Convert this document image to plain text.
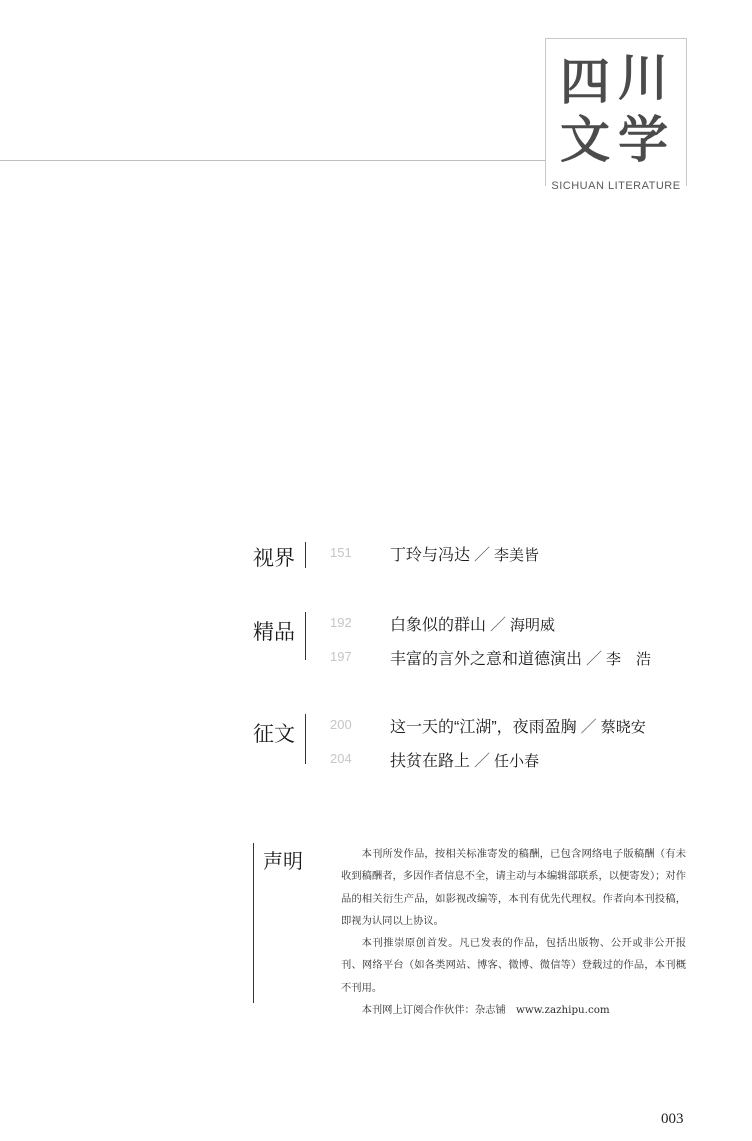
四 川
文 学
SICHUAN LITERATURE
视界	151 丁玲与冯达 ／ 李美皆
精品	192 白象似的群山 ／ 海明威
197 丰富的言外之意和道德演出 ／ 李　浩
征文	200 这一天的“江湖”，夜雨盈胸 ／ 蔡晓安
204 扶贫在路上 ／ 任小春
声明	本刊所发作品，按相关标准寄发的稿酬，已包含网络电子版稿酬（有未收到稿酬者，多因作者信息不全，请主动与本编辑部联系，以便寄发）；对作品的相关衍生产品，如影视改编等，本刊有优先代理权。作者向本刊投稿，即视为认同以上协议。

本刊推崇原创首发。凡已发表的作品，包括出版物、公开或非公开报刊、网络平台（如各类网站、博客、微博、微信等）登载过的作品，本刊概不刊用。

本刊网上订阅合作伙伴：杂志铺　www.zazhipu.com

003
